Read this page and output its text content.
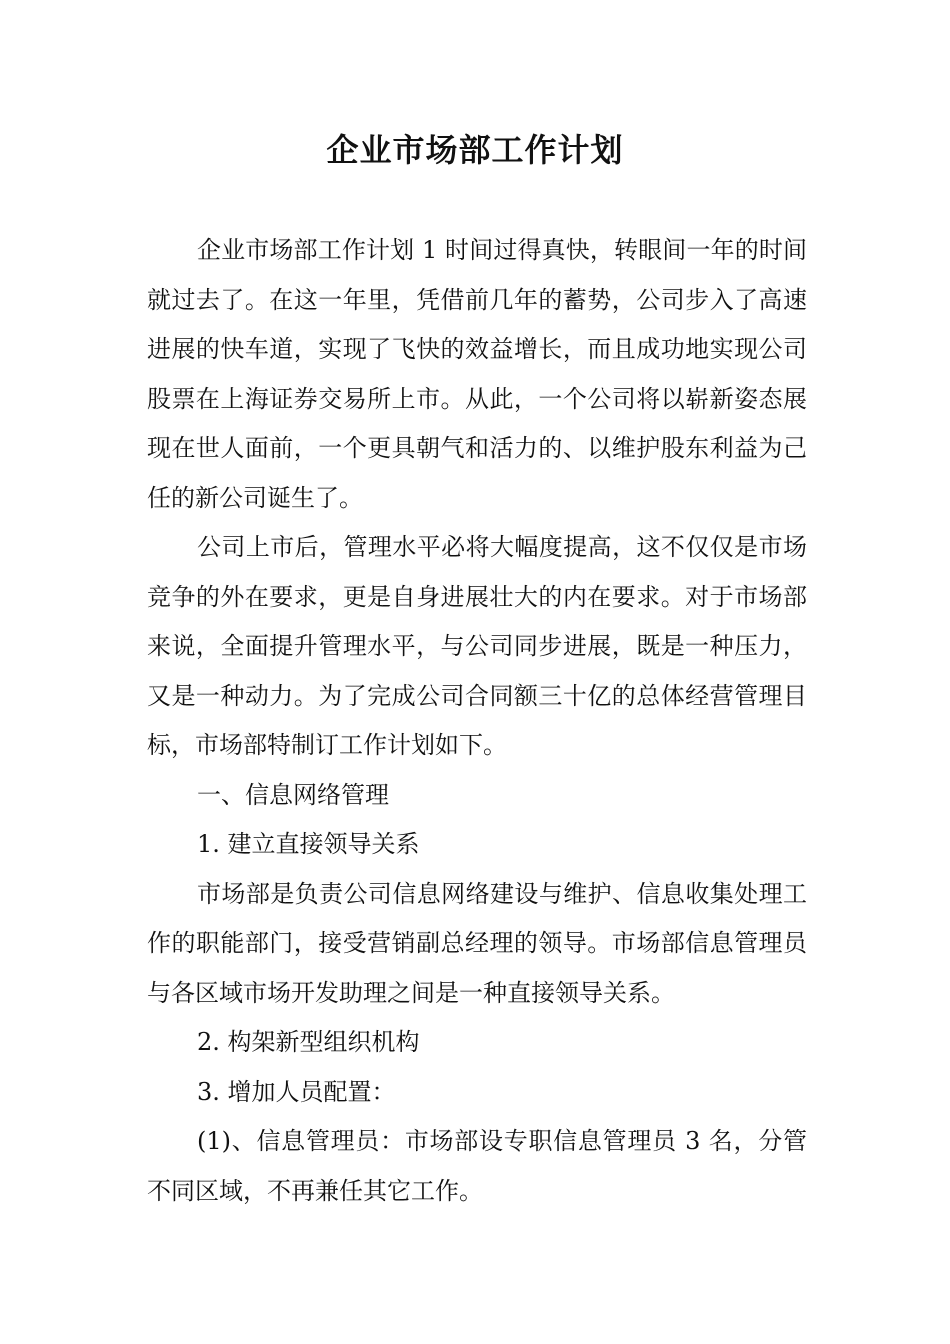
企业市场部工作计划

企业市场部工作计划 1 时间过得真快，转眼间一年的时间就过去了。在这一年里，凭借前几年的蓄势，公司步入了高速进展的快车道，实现了飞快的效益增长，而且成功地实现公司股票在上海证券交易所上市。从此，一个公司将以崭新姿态展现在世人面前，一个更具朝气和活力的、以维护股东利益为己任的新公司诞生了。

公司上市后，管理水平必将大幅度提高，这不仅仅是市场竞争的外在要求，更是自身进展壮大的内在要求。对于市场部来说，全面提升管理水平，与公司同步进展，既是一种压力，又是一种动力。为了完成公司合同额三十亿的总体经营管理目标，市场部特制订工作计划如下。

一、信息网络管理

1. 建立直接领导关系

市场部是负责公司信息网络建设与维护、信息收集处理工作的职能部门，接受营销副总经理的领导。市场部信息管理员与各区域市场开发助理之间是一种直接领导关系。

2. 构架新型组织机构

3. 增加人员配置：

(1)、信息管理员：市场部设专职信息管理员 3 名，分管不同区域，不再兼任其它工作。
